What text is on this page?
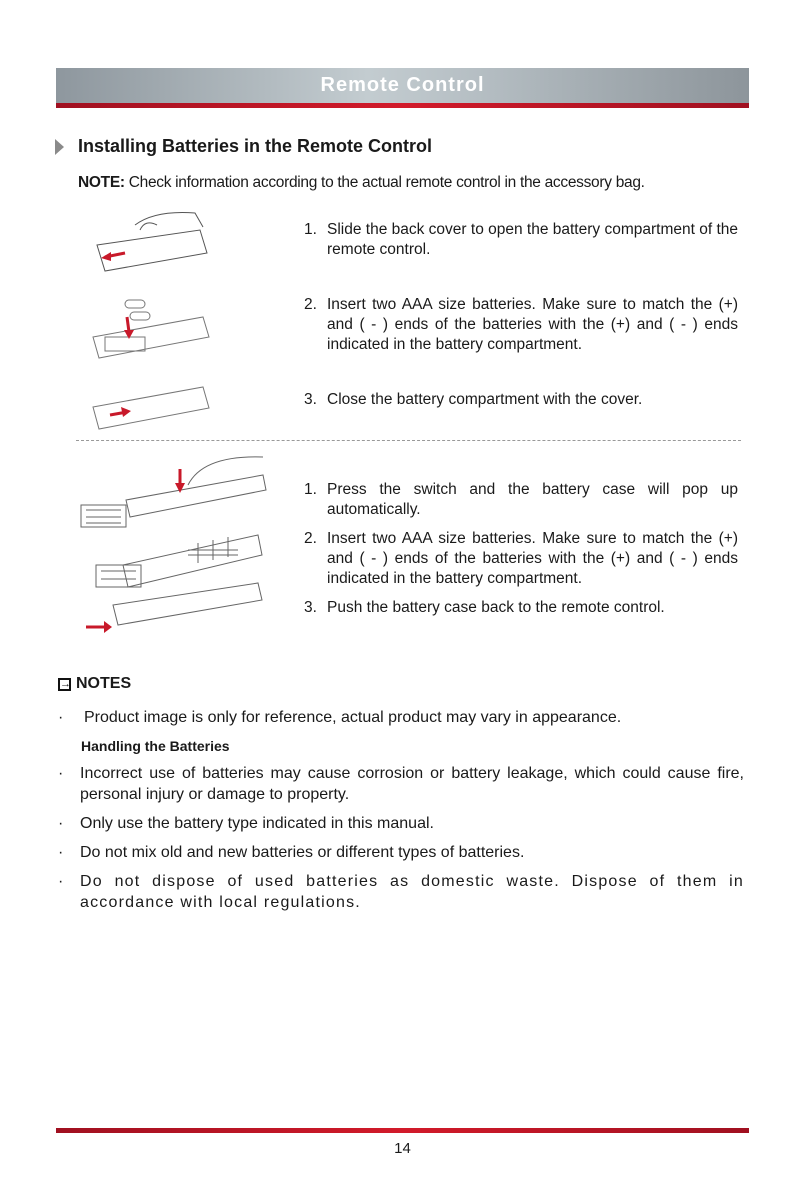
Remote Control
Installing Batteries in the Remote Control
NOTE: Check information according to the actual remote control in the accessory bag.
1. Slide the back cover to open the battery compartment of the remote control.
2. Insert two AAA size batteries. Make sure to match the (+) and ( - ) ends of the batteries with the (+) and ( - ) ends indicated in the battery compartment.
3. Close the battery compartment with the cover.
1. Press the switch and the battery case will pop up automatically.
2. Insert two AAA size batteries. Make sure to match the (+) and ( - ) ends of the batteries with the (+) and ( - ) ends indicated in the battery compartment.
3. Push the battery case back to the remote control.
→ NOTES
· Product image is only for reference, actual product may vary in appearance.
Handling the Batteries
· Incorrect use of batteries may cause corrosion or battery leakage, which could cause fire, personal injury or damage to property.
· Only use the battery type indicated in this manual.
· Do not mix old and new batteries or different types of batteries.
· Do not dispose of used batteries as domestic waste. Dispose of them in accordance with local regulations.
14
